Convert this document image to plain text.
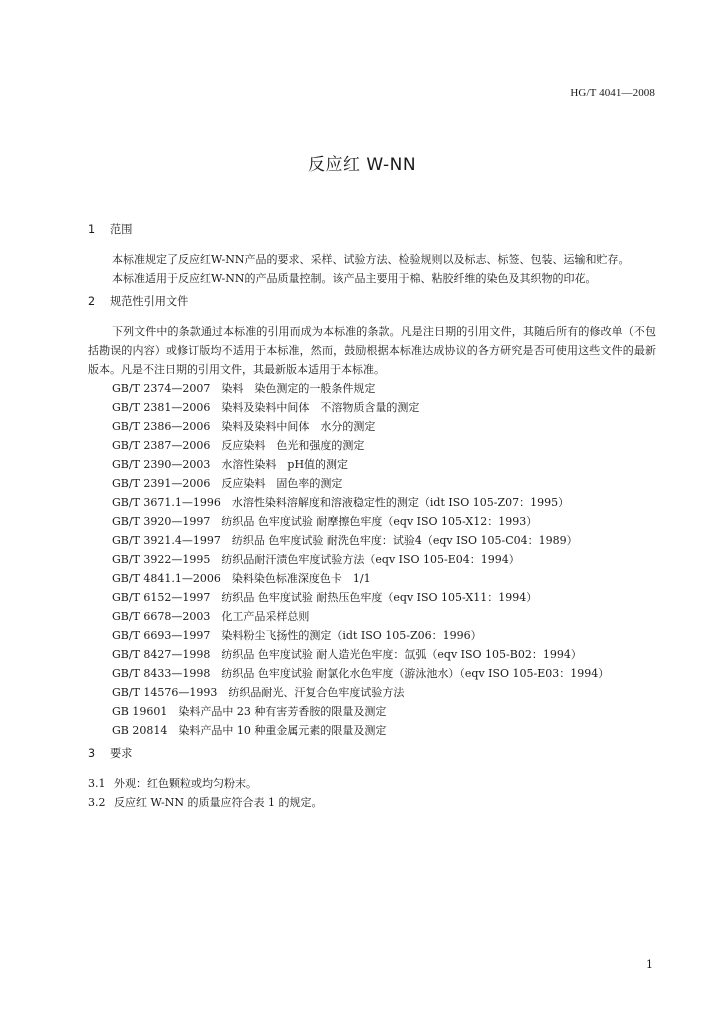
HG/T 4041—2008
反应红 W-NN
1 范围

本标准规定了反应红W-NN产品的要求、采样、试验方法、检验规则以及标志、标签、包装、运输和贮存。

本标准适用于反应红W-NN的产品质量控制。该产品主要用于棉、粘胶纤维的染色及其织物的印花。

2 规范性引用文件

下列文件中的条款通过本标准的引用而成为本标准的条款。凡是注日期的引用文件，其随后所有的修改单（不包括勘误的内容）或修订版均不适用于本标准，然而，鼓励根据本标准达成协议的各方研究是否可使用这些文件的最新版本。凡是不注日期的引用文件，其最新版本适用于本标准。

GB/T 2374—2007　染料　染色测定的一般条件规定
GB/T 2381—2006　染料及染料中间体　不溶物质含量的测定
GB/T 2386—2006　染料及染料中间体　水分的测定
GB/T 2387—2006　反应染料　色光和强度的测定
GB/T 2390—2003　水溶性染料　pH值的测定
GB/T 2391—2006　反应染料　固色率的测定
GB/T 3671.1—1996　水溶性染料溶解度和溶液稳定性的测定（idt ISO 105-Z07：1995）
GB/T 3920—1997　纺织品 色牢度试验 耐摩擦色牢度（eqv ISO 105-X12：1993）
GB/T 3921.4—1997　纺织品 色牢度试验 耐洗色牢度：试验4（eqv ISO 105-C04：1989）
GB/T 3922—1995　纺织品耐汗渍色牢度试验方法（eqv ISO 105-E04：1994）
GB/T 4841.1—2006　染料染色标准深度色卡　1/1
GB/T 6152—1997　纺织品 色牢度试验 耐热压色牢度（eqv ISO 105-X11：1994）
GB/T 6678—2003　化工产品采样总则
GB/T 6693—1997　染料粉尘飞扬性的测定（idt ISO 105-Z06：1996）
GB/T 8427—1998　纺织品 色牢度试验 耐人造光色牢度：氙弧（eqv ISO 105-B02：1994）
GB/T 8433—1998　纺织品 色牢度试验 耐氯化水色牢度（游泳池水）（eqv ISO 105-E03：1994）
GB/T 14576—1993　纺织品耐光、汗复合色牢度试验方法
GB 19601　染料产品中 23 种有害芳香胺的限量及测定
GB 20814　染料产品中 10 种重金属元素的限量及测定
3 要求
3.1 外观：红色颗粒或均匀粉末。
3.2 反应红 W-NN 的质量应符合表 1 的规定。
1
